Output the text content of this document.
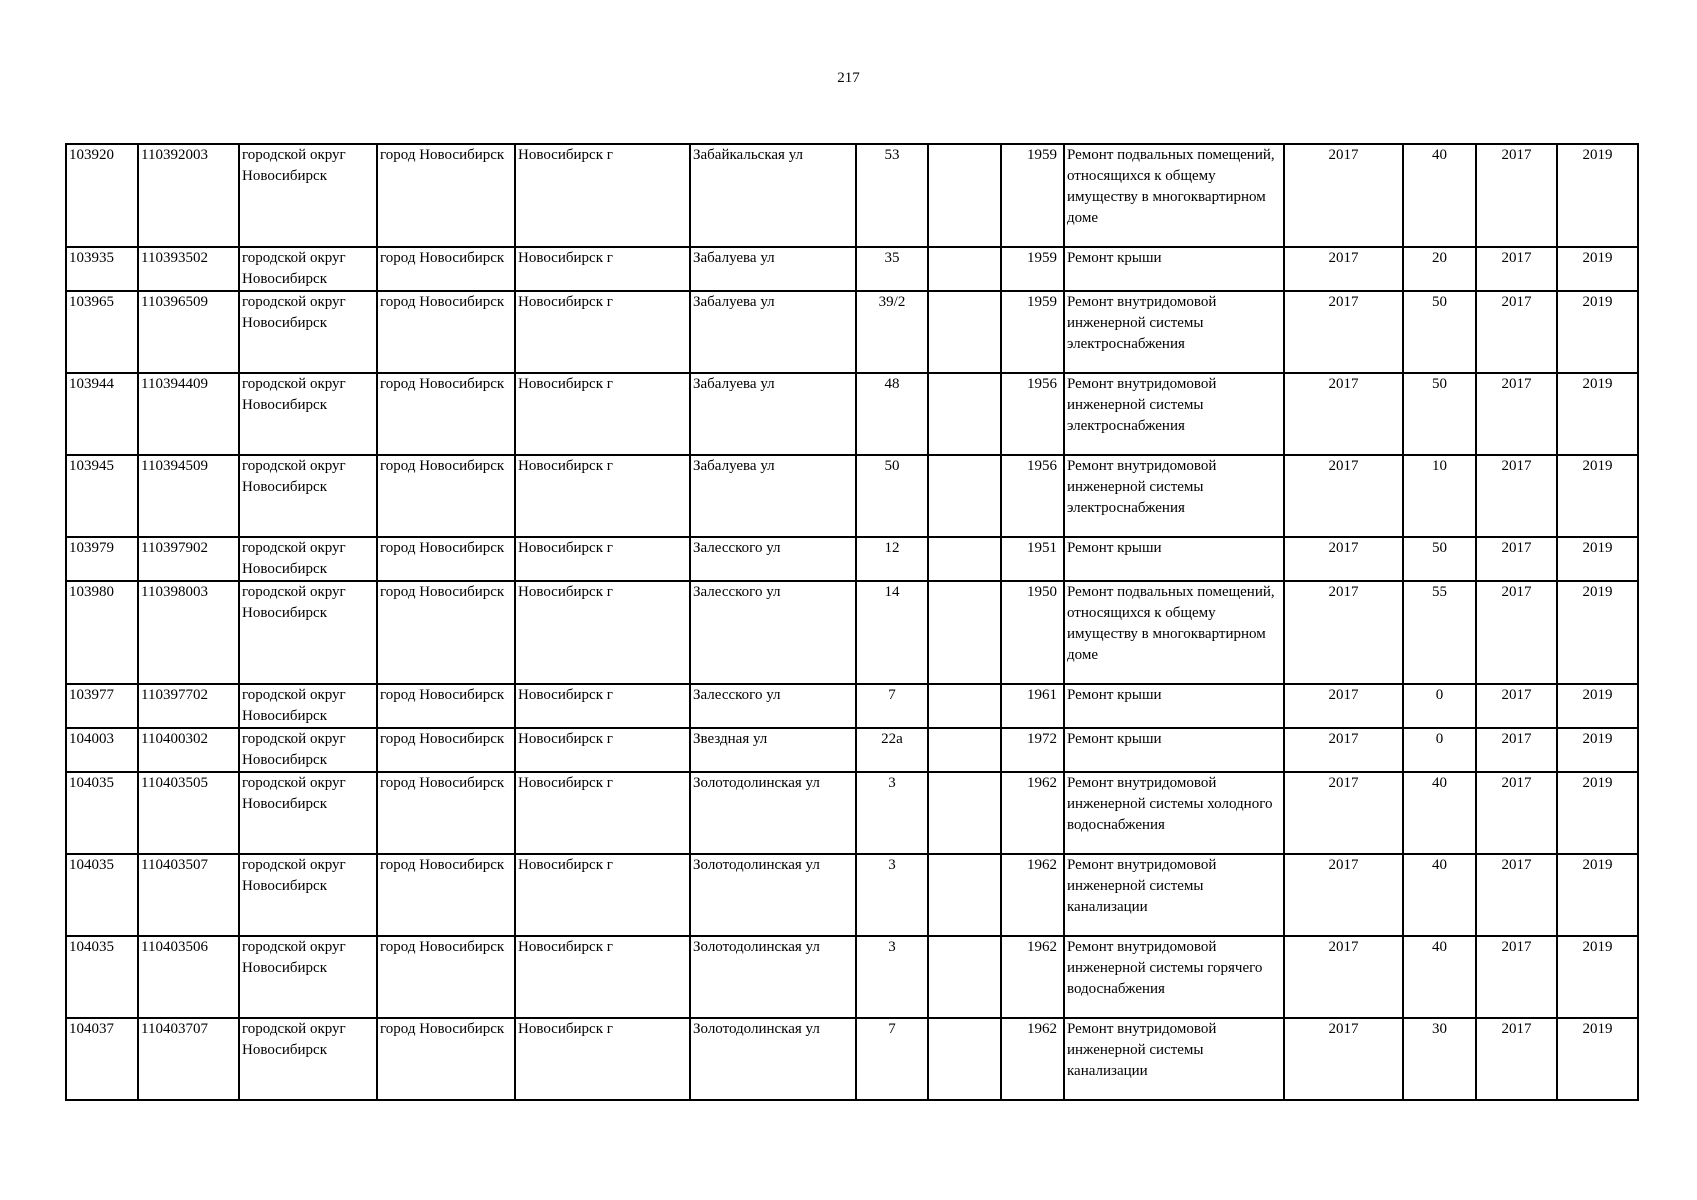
217
103920	110392003	городской округ Новосибирск	город Новосибирск	Новосибирск г	Забайкальская ул	53		1959	Ремонт подвальных помещений, относящихся к общему имуществу в многоквартирном доме	2017	40	2017	2019
103935	110393502	городской округ Новосибирск	город Новосибирск	Новосибирск г	Забалуева ул	35		1959	Ремонт крыши	2017	20	2017	2019
103965	110396509	городской округ Новосибирск	город Новосибирск	Новосибирск г	Забалуева ул	39/2		1959	Ремонт внутридомовой инженерной системы электроснабжения	2017	50	2017	2019
103944	110394409	городской округ Новосибирск	город Новосибирск	Новосибирск г	Забалуева ул	48		1956	Ремонт внутридомовой инженерной системы электроснабжения	2017	50	2017	2019
103945	110394509	городской округ Новосибирск	город Новосибирск	Новосибирск г	Забалуева ул	50		1956	Ремонт внутридомовой инженерной системы электроснабжения	2017	10	2017	2019
103979	110397902	городской округ Новосибирск	город Новосибирск	Новосибирск г	Залесского ул	12		1951	Ремонт крыши	2017	50	2017	2019
103980	110398003	городской округ Новосибирск	город Новосибирск	Новосибирск г	Залесского ул	14		1950	Ремонт подвальных помещений, относящихся к общему имуществу в многоквартирном доме	2017	55	2017	2019
103977	110397702	городской округ Новосибирск	город Новосибирск	Новосибирск г	Залесского ул	7		1961	Ремонт крыши	2017	0	2017	2019
104003	110400302	городской округ Новосибирск	город Новосибирск	Новосибирск г	Звездная ул	22а		1972	Ремонт крыши	2017	0	2017	2019
104035	110403505	городской округ Новосибирск	город Новосибирск	Новосибирск г	Золотодолинская ул	3		1962	Ремонт внутридомовой инженерной системы холодного водоснабжения	2017	40	2017	2019
104035	110403507	городской округ Новосибирск	город Новосибирск	Новосибирск г	Золотодолинская ул	3		1962	Ремонт внутридомовой инженерной системы канализации	2017	40	2017	2019
104035	110403506	городской округ Новосибирск	город Новосибирск	Новосибирск г	Золотодолинская ул	3		1962	Ремонт внутридомовой инженерной системы горячего водоснабжения	2017	40	2017	2019
104037	110403707	городской округ Новосибирск	город Новосибирск	Новосибирск г	Золотодолинская ул	7		1962	Ремонт внутридомовой инженерной системы канализации	2017	30	2017	2019
